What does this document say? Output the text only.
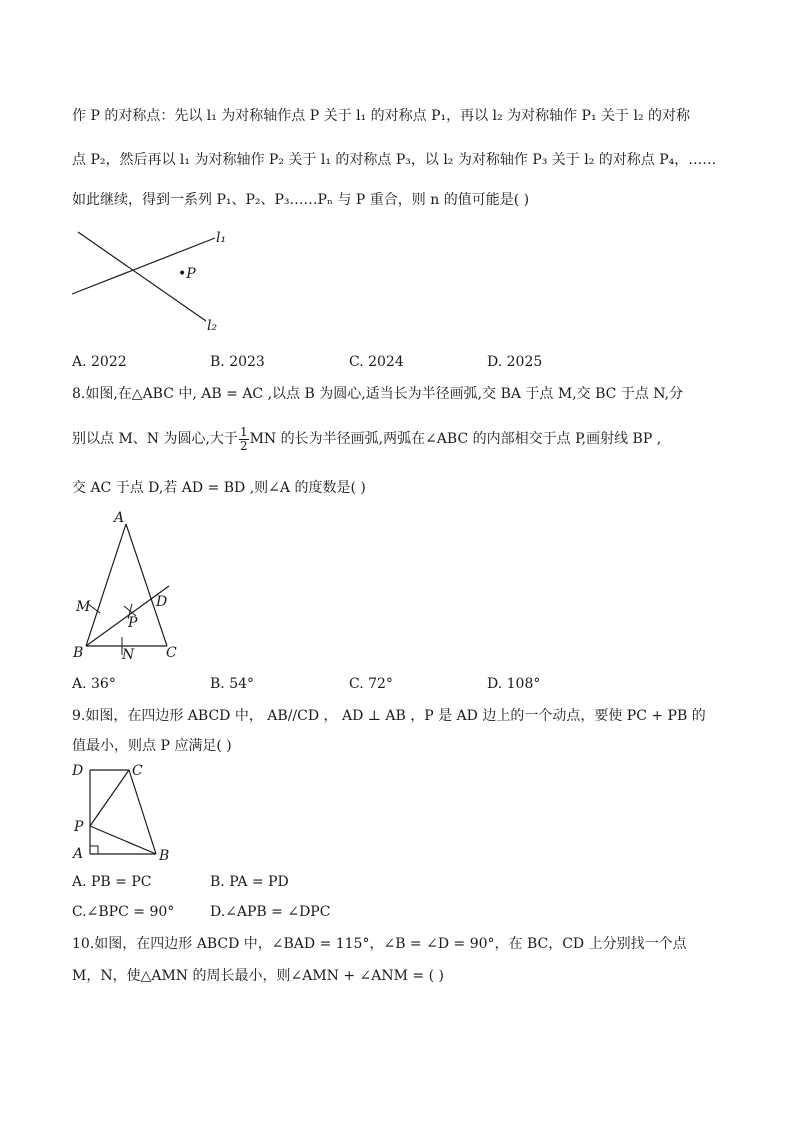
作 P 的对称点：先以 l₁ 为对称轴作点 P 关于 l₁ 的对称点 P₁，再以 l₂ 为对称轴作 P₁ 关于 l₂ 的对称
点 P₂，然后再以 l₁ 为对称轴作 P₂ 关于 l₁ 的对称点 P₃，以 l₂ 为对称轴作 P₃ 关于 l₂ 的对称点 P₄，……
如此继续，得到一系列 P₁、P₂、P₃……Pₙ 与 P 重合，则 n 的值可能是( )
l₁
•P
l₂
A. 2022	B. 2023	C. 2024	D. 2025
8.如图,在△ABC 中, AB = AC ,以点 B 为圆心,适当长为半径画弧,交 BA 于点 M,交 BC 于点 N,分
别以点 M、N 为圆心,大于 $\frac{1}{2}$ MN 的长为半径画弧,两弧在∠ABC 的内部相交于点 P,画射线 BP ,
交 AC 于点 D,若 AD = BD ,则∠A 的度数是( )
A
M	D
P
B	N C
A. 36°	B. 54°	C. 72°	D. 108°
9.如图，在四边形 ABCD 中， AB//CD ， AD ⊥ AB ，P 是 AD 边上的一个动点，要使 PC + PB 的
值最小，则点 P 应满足( )
D	C
P
A	B
A. PB = PC	B. PA = PD
C.∠BPC = 90°	D.∠APB = ∠DPC
10.如图，在四边形 ABCD 中，∠BAD = 115°，∠B = ∠D = 90°，在 BC，CD 上分别找一个点
M，N，使△AMN 的周长最小，则∠AMN + ∠ANM = ( )
